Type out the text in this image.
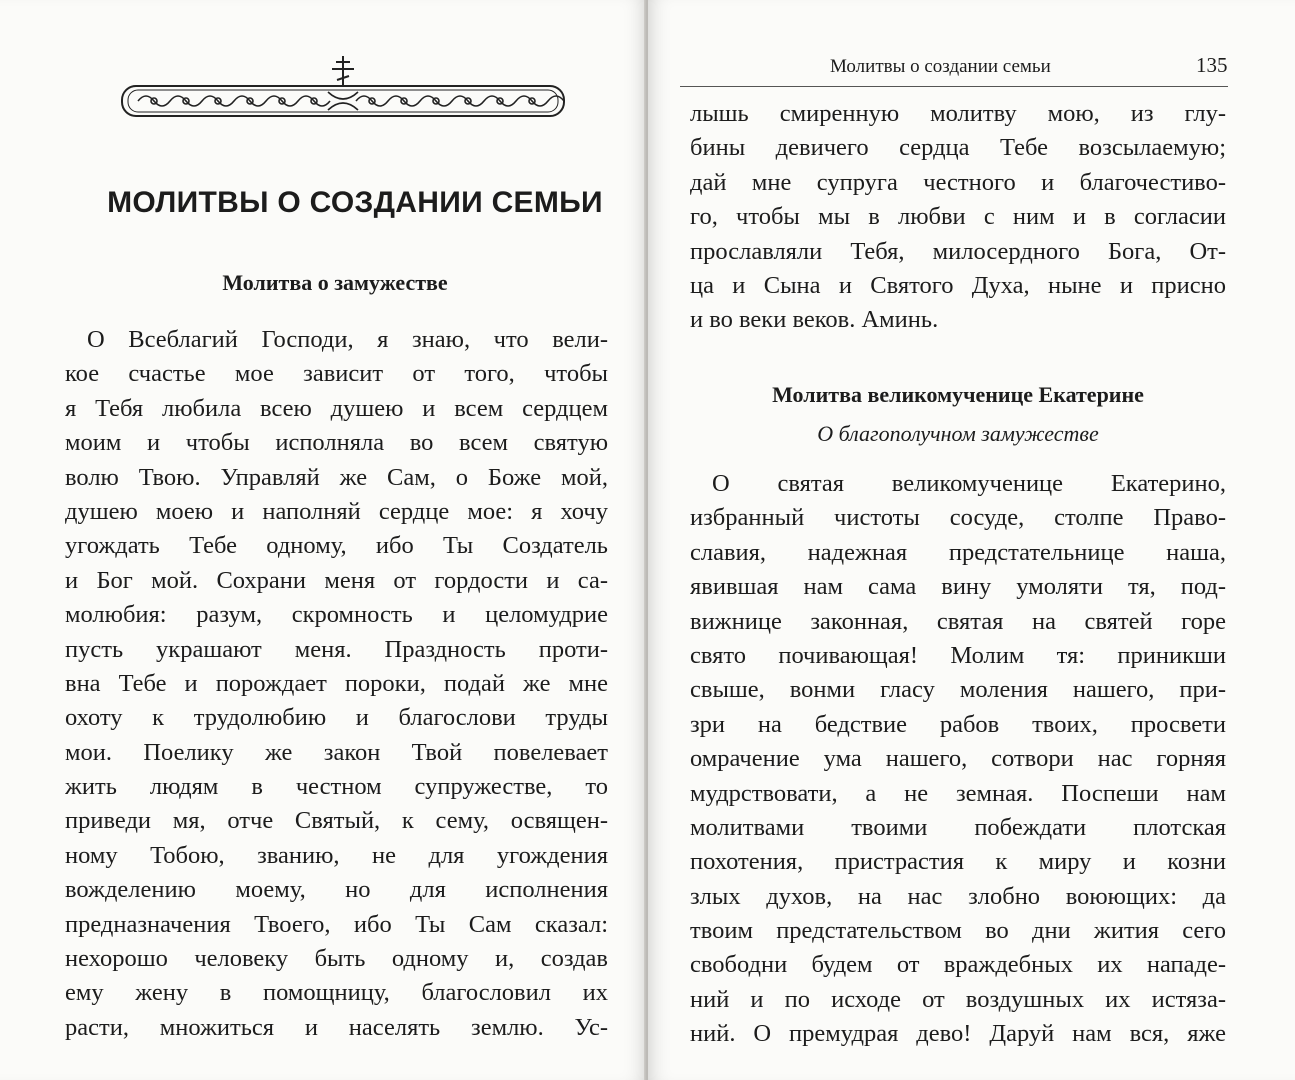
МОЛИТВЫ О СОЗДАНИИ СЕМЬИ
Молитва о замужестве
О Всеблагий Господи, я знаю, что вели-
кое счастье мое зависит от того, чтобы
я Тебя любила всею душею и всем сердцем
моим и чтобы исполняла во всем святую
волю Твою. Управляй же Сам, о Боже мой,
душею моею и наполняй сердце мое: я хочу
угождать Тебе одному, ибо Ты Создатель
и Бог мой. Сохрани меня от гордости и са-
молюбия: разум, скромность и целомудрие
пусть украшают меня. Праздность проти-
вна Тебе и порождает пороки, подай же мне
охоту к трудолюбию и благослови труды
мои. Поелику же закон Твой повелевает
жить людям в честном супружестве, то
приведи мя, отче Святый, к сему, освящен-
ному Тобою, званию, не для угождения
вожделению моему, но для исполнения
предназначения Твоего, ибо Ты Сам сказал:
нехорошо человеку быть одному и, создав
ему жену в помощницу, благословил их
расти, множиться и населять землю. Ус-

Молитвы о создании семьи	135

лышь смиренную молитву мою, из глу-
бины девичего сердца Тебе возсылаемую;
дай мне супруга честного и благочестиво-
го, чтобы мы в любви с ним и в согласии
прославляли Тебя, милосердного Бога, От-
ца и Сына и Святого Духа, ныне и присно
и во веки веков. Аминь.
Молитва великомученице Екатерине

О благополучном замужестве

О святая великомученице Екатерино,
избранный чистоты сосуде, столпе Право-
славия, надежная предстательнице наша,
явившая нам сама вину умоляти тя, под-
вижнице законная, святая на святей горе
свято почивающая! Молим тя: приникши
свыше, вонми гласу моления нашего, при-
зри на бедствие рабов твоих, просвети
омрачение ума нашего, сотвори нас горняя
мудрствовати, а не земная. Поспеши нам
молитвами твоими побеждати плотская
похотения, пристрастия к миру и козни
злых духов, на нас злобно воюющих: да
твоим предстательством во дни жития сего
свободни будем от враждебных их нападе-
ний и по исходе от воздушных их истяза-
ний. О премудрая дево! Даруй нам вся, яже
